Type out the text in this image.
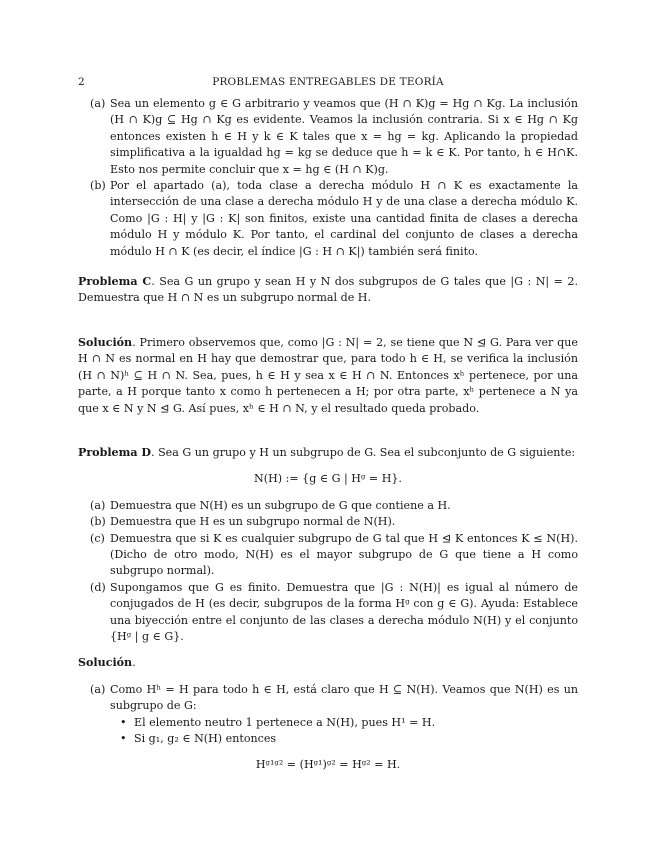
2	PROBLEMAS ENTREGABLES DE TEORÍA
(a) Sea un elemento g ∈ G arbitrario y veamos que (H ∩ K)g = Hg ∩ Kg. La inclusión (H ∩ K)g ⊆ Hg ∩ Kg es evidente. Veamos la inclusión contraria. Si x ∈ Hg ∩ Kg entonces existen h ∈ H y k ∈ K tales que x = hg = kg. Aplicando la propiedad simplificativa a la igualdad hg = kg se deduce que h = k ∈ K. Por tanto, h ∈ H∩K. Esto nos permite concluir que x = hg ∈ (H ∩ K)g.
(b) Por el apartado (a), toda clase a derecha módulo H ∩ K es exactamente la intersección de una clase a derecha módulo H y de una clase a derecha módulo K. Como |G : H| y |G : K| son finitos, existe una cantidad finita de clases a derecha módulo H y módulo K. Por tanto, el cardinal del conjunto de clases a derecha módulo H ∩ K (es decir, el índice |G : H ∩ K|) también será finito.

Problema C. Sea G un grupo y sean H y N dos subgrupos de G tales que |G : N| = 2. Demuestra que H ∩ N es un subgrupo normal de H.

Solución. Primero observemos que, como |G : N| = 2, se tiene que N ⊴ G. Para ver que H ∩ N es normal en H hay que demostrar que, para todo h ∈ H, se verifica la inclusión (H ∩ N)ʰ ⊆ H ∩ N. Sea, pues, h ∈ H y sea x ∈ H ∩ N. Entonces xʰ pertenece, por una parte, a H porque tanto x como h pertenecen a H; por otra parte, xʰ pertenece a N ya que x ∈ N y N ⊴ G. Así pues, xʰ ∈ H ∩ N, y el resultado queda probado.

Problema D. Sea G un grupo y H un subgrupo de G. Sea el subconjunto de G siguiente:

N(H) := {g ∈ G | Hᵍ = H}.

(a) Demuestra que N(H) es un subgrupo de G que contiene a H.
(b) Demuestra que H es un subgrupo normal de N(H).
(c) Demuestra que si K es cualquier subgrupo de G tal que H ⊴ K entonces K ≤ N(H). (Dicho de otro modo, N(H) es el mayor subgrupo de G que tiene a H como subgrupo normal).
(d) Supongamos que G es finito. Demuestra que |G : N(H)| es igual al número de conjugados de H (es decir, subgrupos de la forma Hᵍ con g ∈ G). Ayuda: Establece una biyección entre el conjunto de las clases a derecha módulo N(H) y el conjunto {Hᵍ | g ∈ G}.

Solución.

(a) Como Hʰ = H para todo h ∈ H, está claro que H ⊆ N(H). Veamos que N(H) es un subgrupo de G:
• El elemento neutro 1 pertenece a N(H), pues H¹ = H.
• Si g₁, g₂ ∈ N(H) entonces

Hᵍ¹ᵍ² = (Hᵍ¹)ᵍ² = Hᵍ² = H.
